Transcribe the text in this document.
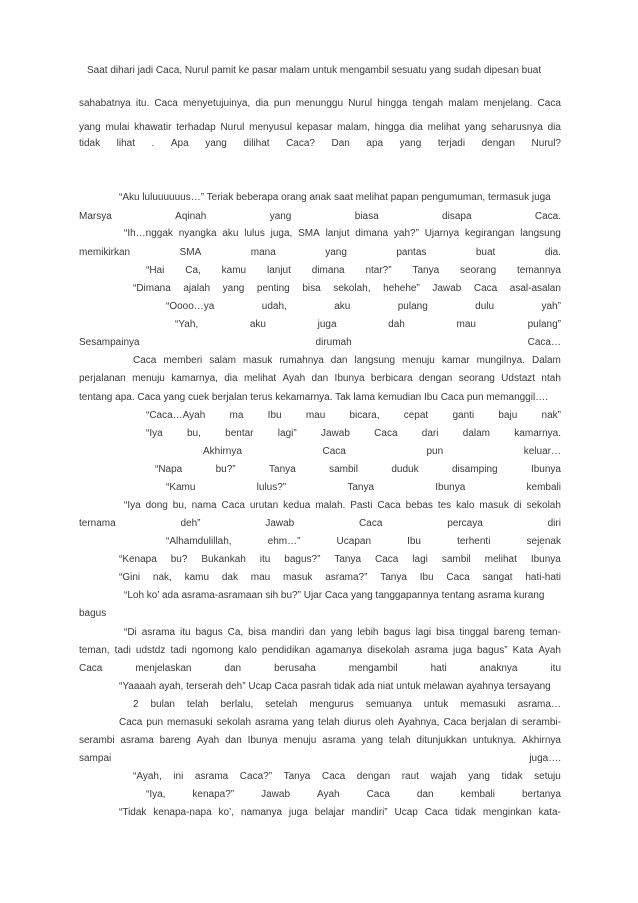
Saat dihari jadi Caca, Nurul pamit ke pasar malam untuk mengambil sesuatu yang sudah dipesan buat
sahabatnya itu. Caca menyetujuinya, dia pun menunggu Nurul hingga tengah malam menjelang. Caca
yang mulai khawatir terhadap Nurul menyusul kepasar malam, hingga dia melihat yang seharusnya dia
tidak lihat . Apa yang dilihat Caca? Dan apa yang terjadi dengan Nurul?
“Aku luluuuuuus…” Teriak beberapa orang anak saat melihat papan pengumuman, termasuk juga
Marsya	Aqinah	yang	biasa	disapa	Caca.
“Ih…nggak nyangka aku lulus juga, SMA lanjut dimana yah?” Ujarnya kegirangan langsung
memikirkan	SMA	mana	yang	pantas	buat	dia.
“Hai Ca, kamu lanjut dimana ntar?” Tanya seorang temannya
“Dimana ajalah yang penting bisa sekolah, hehehe” Jawab Caca asal-asalan
“Oooo…ya	udah,	aku	pulang	dulu	yah”
“Yah,	aku	juga	dah	mau	pulang”
Sesampainya	dirumah	Caca…
Caca memberi salam masuk rumahnya dan langsung menuju kamar mungilnya. Dalam
perjalanan menuju kamarnya, dia melihat Ayah dan Ibunya berbicara dengan seorang Udstazt ntah
tentang apa. Caca yang cuek berjalan terus kekamarnya. Tak lama kemudian Ibu Caca pun memanggil….
“Caca…Ayah ma Ibu mau bicara, cepat ganti baju nak”
“Iya bu, bentar lagi” Jawab Caca dari dalam kamarnya.
Akhirnya	Caca	pun	keluar…
“Napa	bu?”	Tanya	sambil	duduk	disamping	Ibunya
“Kamu	lulus?”	Tanya	Ibunya	kembali
“Iya dong bu, nama Caca urutan kedua malah. Pasti Caca bebas tes kalo masuk di sekolah
ternama	deh”	Jawab	Caca	percaya	diri
“Alhamdulillah,	ehm…”	Ucapan	Ibu	terhenti	sejenak
“Kenapa bu? Bukankah itu bagus?” Tanya Caca lagi sambil melihat Ibunya
“Gini nak, kamu dak mau masuk asrama?” Tanya Ibu Caca sangat hati-hati
“Loh ko’ ada asrama-asramaan sih bu?” Ujar Caca yang tanggapannya tentang asrama kurang
bagus
“Di asrama itu bagus Ca, bisa mandiri dan yang lebih bagus lagi bisa tinggal bareng teman-
teman, tadi udstdz tadi ngomong kalo pendidikan agamanya disekolah asrama juga bagus” Kata Ayah
Caca	menjelaskan	dan	berusaha	mengambil	hati	anaknya	itu
“Yaaaah ayah, terserah deh” Ucap Caca pasrah tidak ada niat untuk melawan ayahnya tersayang
2 bulan telah berlalu, setelah mengurus semuanya untuk memasuki asrama…
Caca pun memasuki sekolah asrama yang telah diurus oleh Ayahnya, Caca berjalan di serambi-
serambi asrama bareng Ayah dan Ibunya menuju asrama yang telah ditunjukkan untuknya. Akhirnya
sampai	juga….
“Ayah, ini asrama Caca?” Tanya Caca dengan raut wajah yang tidak setuju
“Iya,	kenapa?”	Jawab	Ayah	Caca	dan	kembali	bertanya
“Tidak kenapa-napa ko’, namanya juga belajar mandiri” Ucap Caca tidak menginkan kata-
